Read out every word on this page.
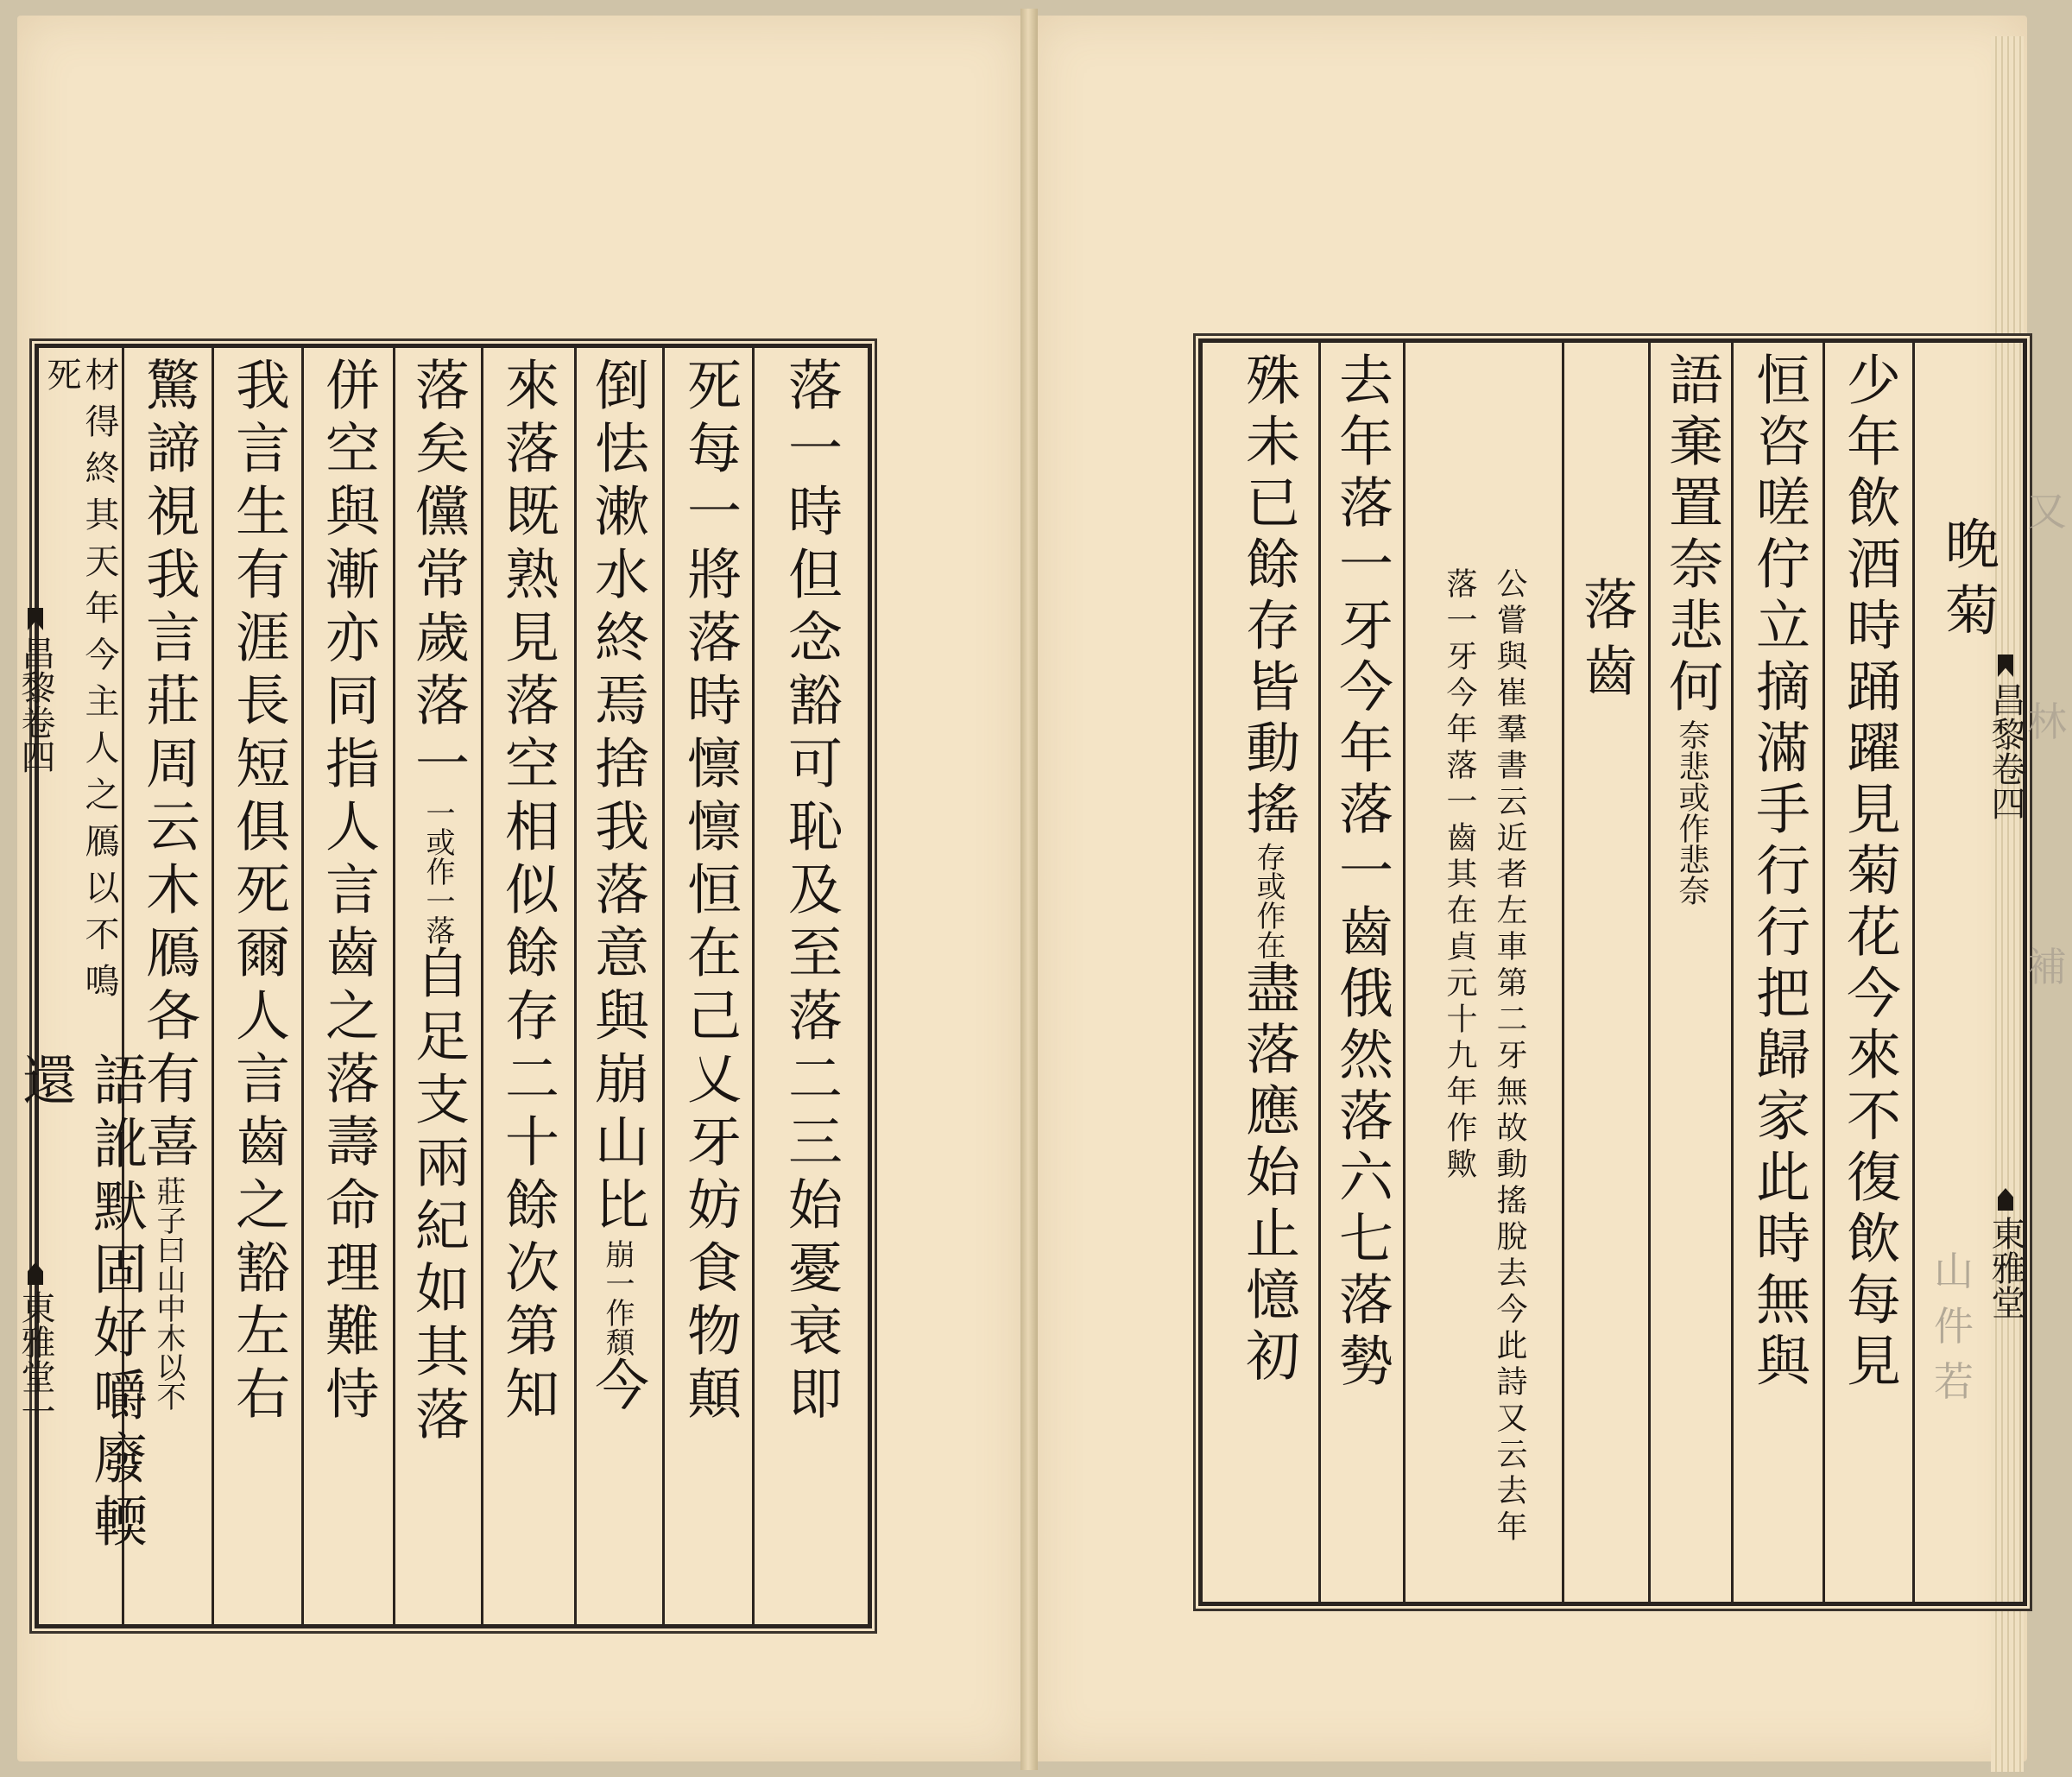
落一時但念豁可恥及至落二三始憂衰即
死每一將落時懔懔恒在己乂牙妨食物顛
倒怯漱水終焉捨我落意與崩山比
崩一作頹
今
來落既熟見落空相似餘存二十餘次第知
落矣儻常歲落一
一或作一落
自足支兩紀如其落
併空與漸亦同指人言齒之落壽命理難恃
我言生有涯長短俱死爾人言齒之豁左右
驚諦視我言莊周云木鴈各有喜
莊子曰山中木以不
材得終其天年今主人之鴈以不鳴死
語訛默固好嚼廢輭還
昌黎卷四
東雅堂
一
晚菊
少年飲酒時踊躍見菊花今來不復飲每見
恒咨嗟佇立摘滿手行行把歸家此時無與
語棄置奈悲何
奈悲或作悲奈
落齒
公嘗與崔羣書云近者左車第二牙無故動搖脫去今此詩又云去年落一牙今年落一齒其在貞元十九年作歟
去年落一牙今年落一齒俄然落六七落勢
殊未已餘存皆動搖
存或作在
盡落應始止憶初
昌黎卷四
東雅堂
又
林
補
山
件
若
